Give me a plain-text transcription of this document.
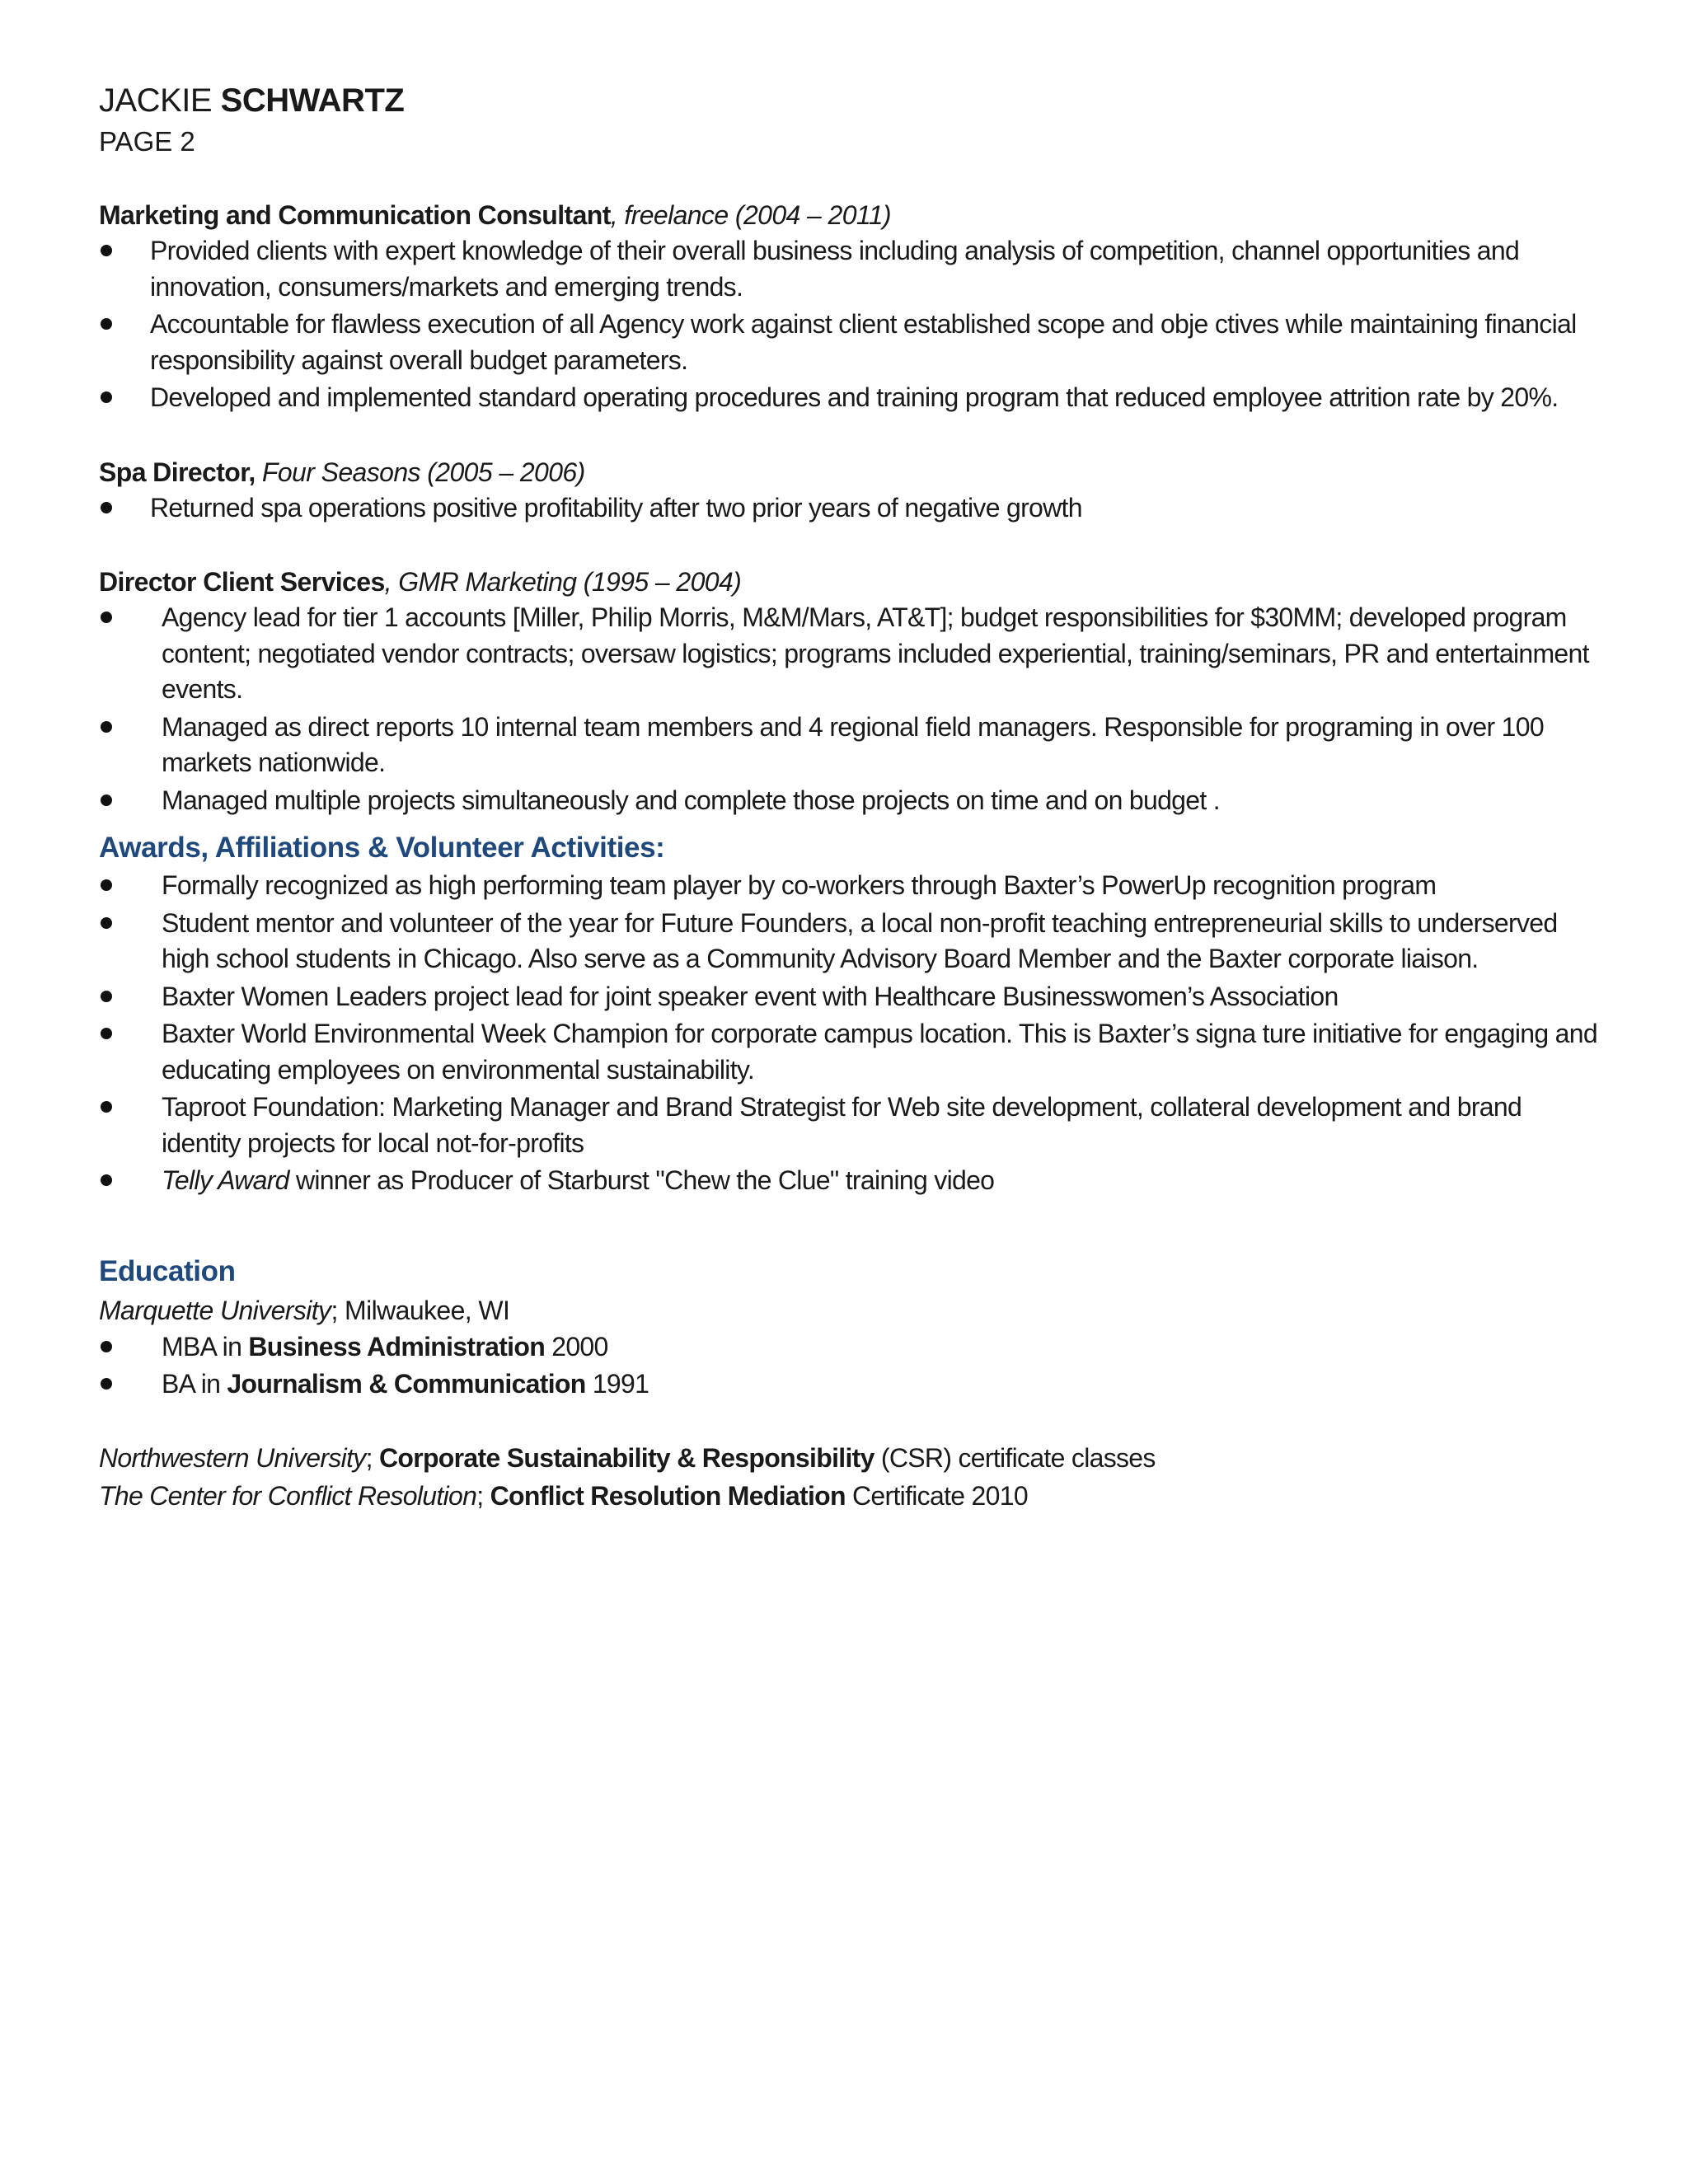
JACKIE SCHWARTZ
PAGE 2
Marketing and Communication Consultant, freelance (2004 – 2011)
Provided clients with expert knowledge of their overall business including analysis of competition, channel opportunities and innovation, consumers/markets and emerging trends.
Accountable for flawless execution of all Agency work against client established scope and obje ctives while maintaining financial responsibility against overall budget parameters.
Developed and implemented standard operating procedures and training program that reduced employee attrition rate by 20%.
Spa Director, Four Seasons (2005 – 2006)
Returned spa operations positive profitability after two prior years of negative growth
Director Client Services, GMR Marketing (1995 – 2004)
Agency lead for tier 1 accounts [Miller, Philip Morris, M&M/Mars, AT&T]; budget responsibilities for $30MM; developed program content; negotiated vendor contracts; oversaw logistics; programs included experiential, training/seminars, PR and entertainment events.
Managed as direct reports 10 internal team members and 4 regional field managers. Responsible for programing in over 100 markets nationwide.
Managed multiple projects simultaneously and complete those projects on time and on budget .
Awards, Affiliations & Volunteer Activities:
Formally recognized as high performing team player by co-workers through Baxter’s PowerUp recognition program
Student mentor and volunteer of the year for Future Founders, a local non-profit teaching entrepreneurial skills to underserved high school students in Chicago. Also serve as a Community Advisory Board Member and the Baxter corporate liaison.
Baxter Women Leaders project lead for joint speaker event with Healthcare Businesswomen’s Association
Baxter World Environmental Week Champion for corporate campus location. This is Baxter’s signa ture initiative for engaging and educating employees on environmental sustainability.
Taproot Foundation: Marketing Manager and Brand Strategist for Web site development, collateral development and brand identity projects for local not-for-profits
Telly Award winner as Producer of Starburst "Chew the Clue" training video
Education
Marquette University; Milwaukee, WI
MBA in Business Administration 2000
BA in Journalism & Communication 1991
Northwestern University; Corporate Sustainability & Responsibility (CSR) certificate classes
The Center for Conflict Resolution; Conflict Resolution Mediation Certificate 2010
